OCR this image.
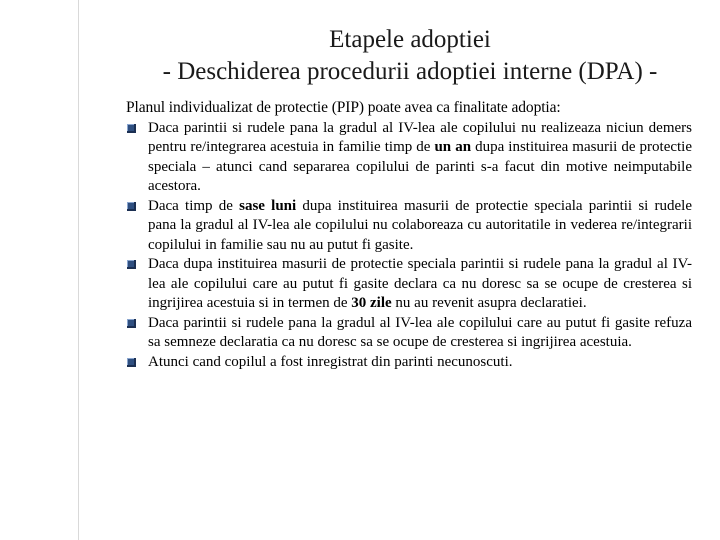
Etapele adoptiei
- Deschiderea procedurii adoptiei interne (DPA) -

Planul individualizat de protectie (PIP) poate avea ca finalitate adoptia:

Daca parintii si rudele pana la gradul al IV-lea ale copilului nu realizeaza niciun demers pentru re/integrarea acestuia in familie timp de un an dupa instituirea masurii de protectie speciala – atunci cand separarea copilului de parinti s-a facut din motive neimputabile acestora.
Daca timp de sase luni dupa instituirea masurii de protectie speciala parintii si rudele pana la gradul al IV-lea ale copilului nu colaboreaza cu autoritatile in vederea re/integrarii copilului in familie sau nu au putut fi gasite.
Daca dupa instituirea masurii de protectie speciala parintii si rudele pana la gradul al IV-lea ale copilului care au putut fi gasite declara ca nu doresc sa se ocupe de cresterea si ingrijirea acestuia si in termen de 30 zile nu au revenit asupra declaratiei.
Daca parintii si rudele pana la gradul al IV-lea ale copilului care au putut fi gasite refuza sa semneze declaratia ca nu doresc sa se ocupe de cresterea si ingrijirea acestuia.
Atunci cand copilul a fost inregistrat din parinti necunoscuti.
